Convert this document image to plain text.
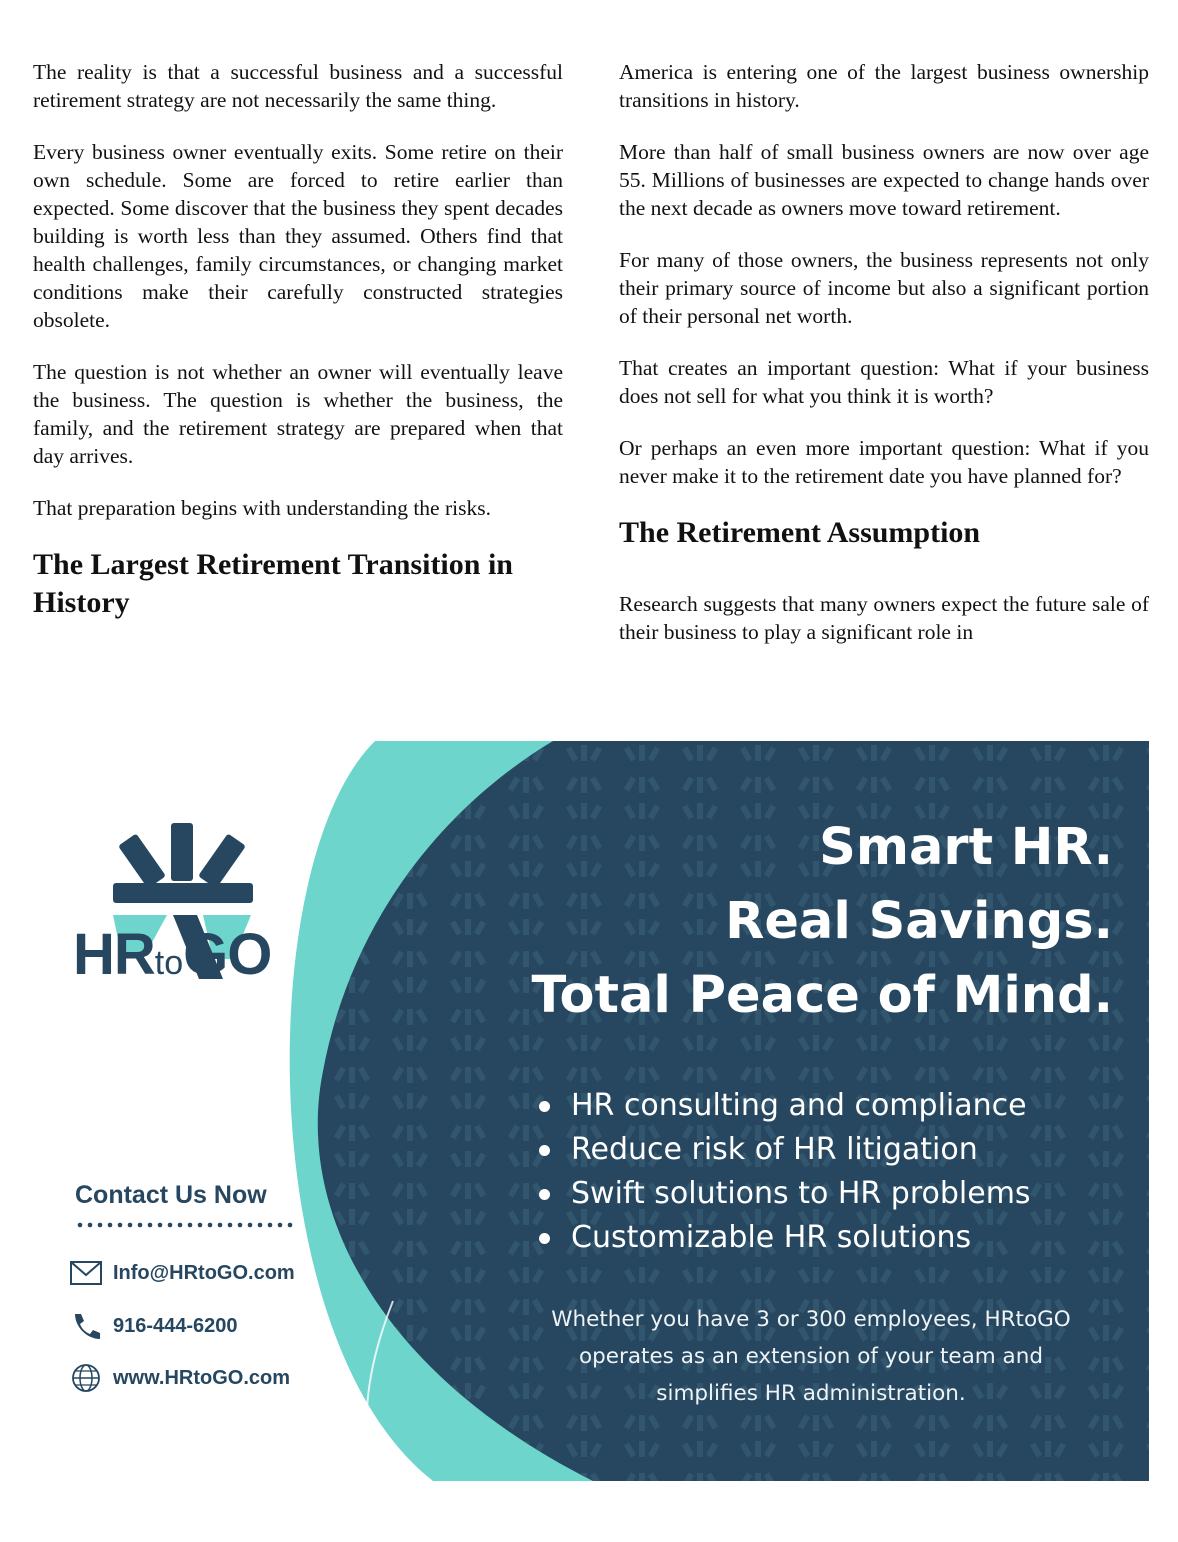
The reality is that a successful business and a successful retirement strategy are not necessarily the same thing.

Every business owner eventually exits. Some retire on their own schedule. Some are forced to retire earlier than expected. Some discover that the business they spent decades building is worth less than they assumed. Others find that health challenges, family circumstances, or changing market conditions make their carefully constructed strategies obsolete.

The question is not whether an owner will eventually leave the business. The question is whether the business, the family, and the retirement strategy are prepared when that day arrives.

That preparation begins with understanding the risks.

The Largest Retirement Transition in History

America is entering one of the largest business ownership transitions in history.

More than half of small business owners are now over age 55. Millions of businesses are expected to change hands over the next decade as owners move toward retirement.

For many of those owners, the business represents not only their primary source of income but also a significant portion of their personal net worth.

That creates an important question: What if your business does not sell for what you think it is worth?

Or perhaps an even more important question: What if you never make it to the retirement date you have planned for?

The Retirement Assumption

Research suggests that many owners expect the future sale of their business to play a significant role in

HRtoGO
Contact Us Now
Info@HRtoGO.com
916-444-6200
www.HRtoGO.com
Smart HR.
Real Savings.
Total Peace of Mind.
HR consulting and compliance
Reduce risk of HR litigation
Swift solutions to HR problems
Customizable HR solutions
Whether you have 3 or 300 employees, HRtoGO
operates as an extension of your team and
simplifies HR administration.
